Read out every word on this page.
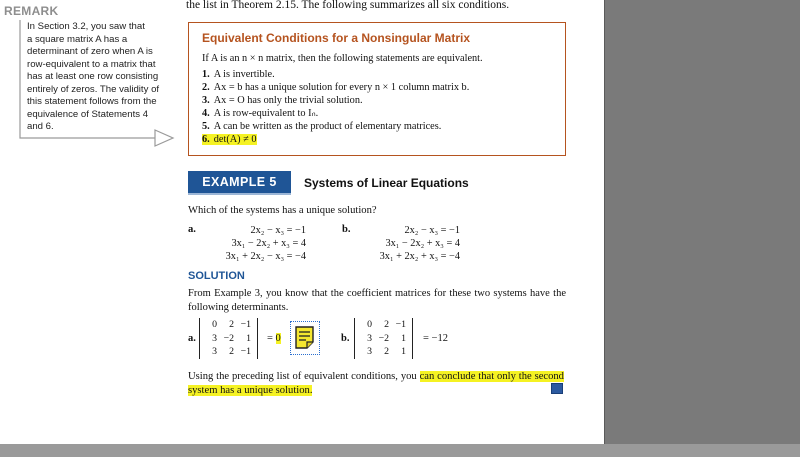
the list in Theorem 2.15. The following summarizes all six conditions.
REMARK
In Section 3.2, you saw that
a square matrix A has a
determinant of zero when A is
row-equivalent to a matrix that
has at least one row consisting
entirely of zeros. The validity of
this statement follows from the
equivalence of Statements 4
and 6.
Equivalent Conditions for a Nonsingular Matrix
If A is an n × n matrix, then the following statements are equivalent.
1. A is invertible.
2. Ax = b has a unique solution for every n × 1 column matrix b.
3. Ax = O has only the trivial solution.
4. A is row-equivalent to Iₙ.
5. A can be written as the product of elementary matrices.
6. det(A) ≠ 0
EXAMPLE 5	Systems of Linear Equations
Which of the systems has a unique solution?
a.	2x₂ − x₃ = −1
3x₁ − 2x₂ + x₃ = 4
3x₁ + 2x₂ − x₃ = −4
b.	2x₂ − x₃ = −1
3x₁ − 2x₂ + x₃ = 4
3x₁ + 2x₂ + x₃ = −4
SOLUTION
From Example 3, you know that the coefficient matrices for these two systems have the following determinants.
a.
0	2	−1
3	−2	1
3	2	−1
= 0	b.
0	2	−1
3	−2	1
3	2	1
= −12
Using the preceding list of equivalent conditions, you can conclude that only the second system has a unique solution.
